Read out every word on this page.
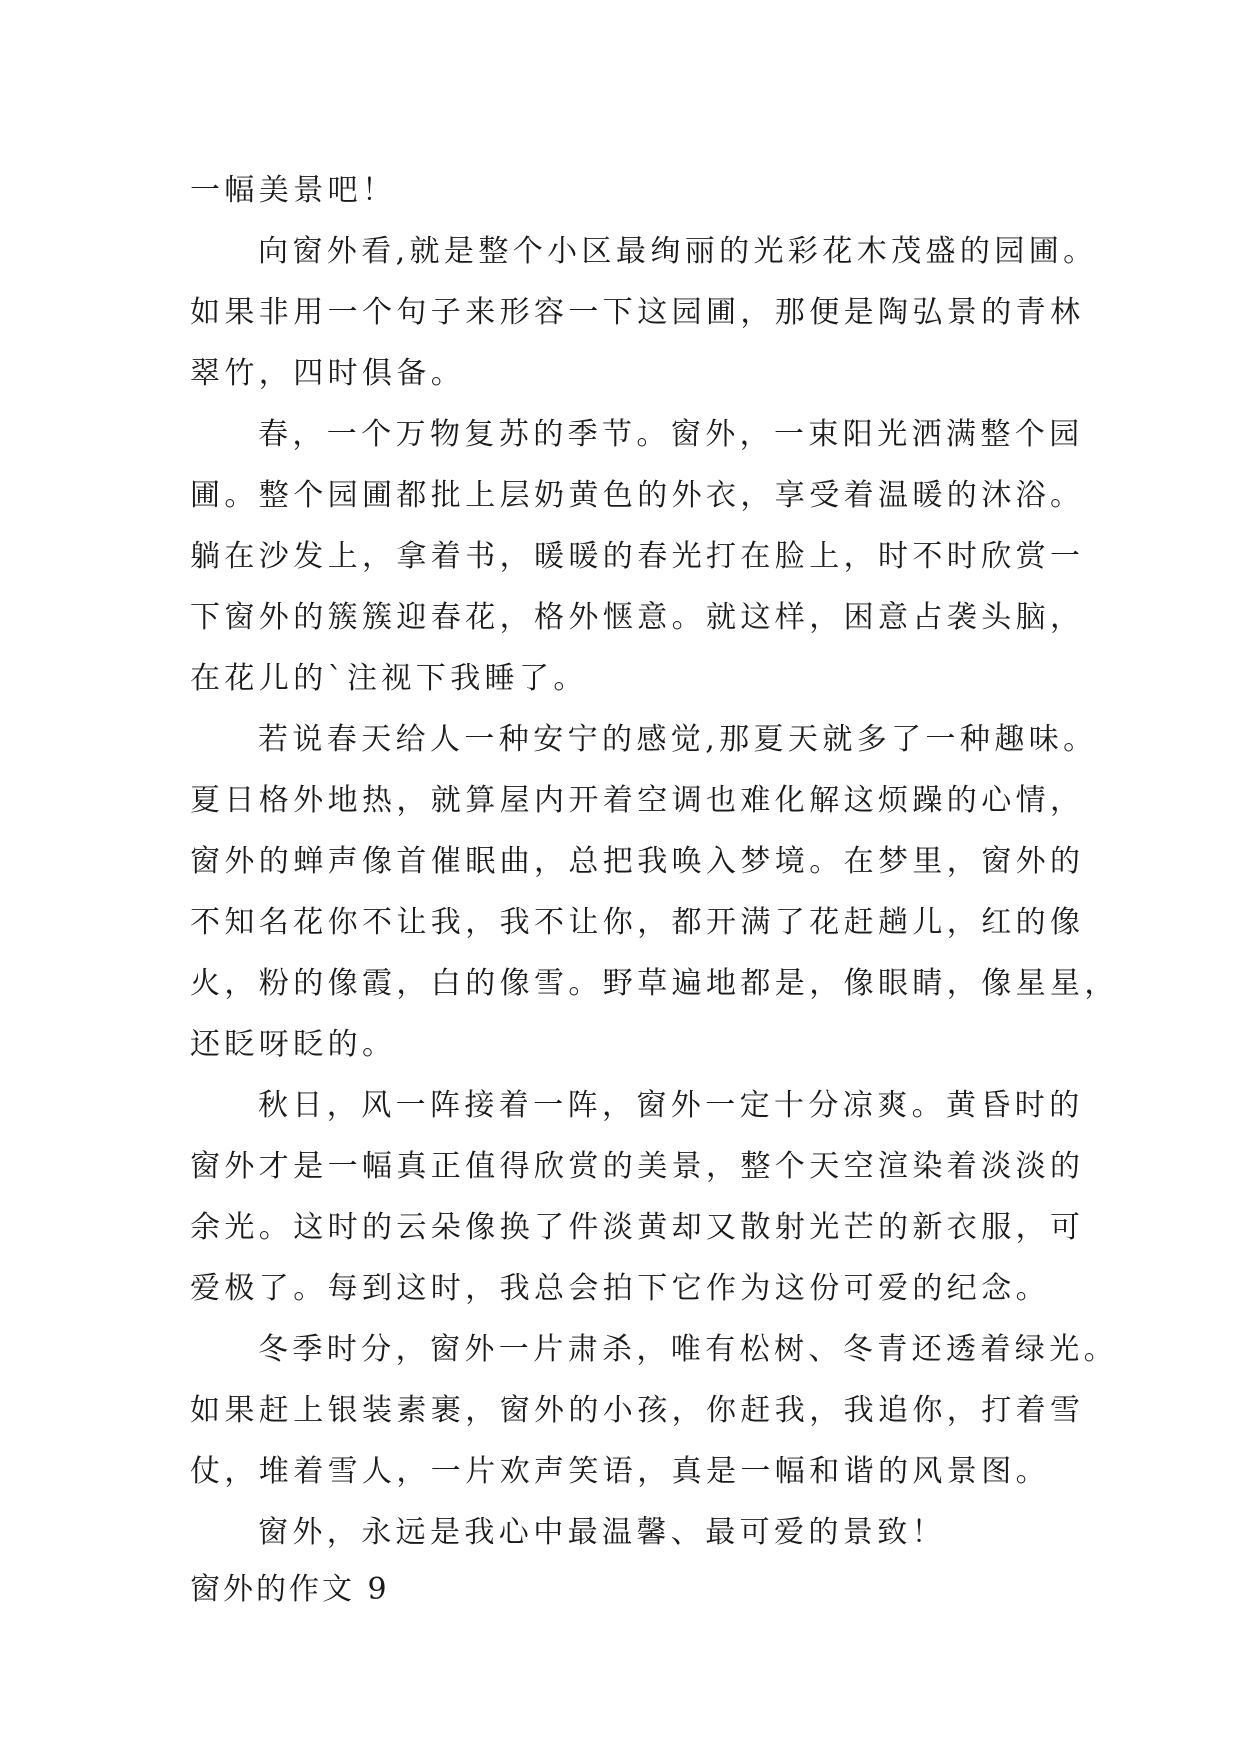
一幅美景吧！
向窗外看,就是整个小区最绚丽的光彩花木茂盛的园圃。
如果非用一个句子来形容一下这园圃，那便是陶弘景的青林
翠竹，四时俱备。
春，一个万物复苏的季节。窗外，一束阳光洒满整个园
圃。整个园圃都批上层奶黄色的外衣，享受着温暖的沐浴。
躺在沙发上，拿着书，暖暖的春光打在脸上，时不时欣赏一
下窗外的簇簇迎春花，格外惬意。就这样，困意占袭头脑，
在花儿的`注视下我睡了。
若说春天给人一种安宁的感觉,那夏天就多了一种趣味。
夏日格外地热，就算屋内开着空调也难化解这烦躁的心情，
窗外的蝉声像首催眠曲，总把我唤入梦境。在梦里，窗外的
不知名花你不让我，我不让你，都开满了花赶趟儿，红的像
火，粉的像霞，白的像雪。野草遍地都是，像眼睛，像星星，
还眨呀眨的。
秋日，风一阵接着一阵，窗外一定十分凉爽。黄昏时的
窗外才是一幅真正值得欣赏的美景，整个天空渲染着淡淡的
余光。这时的云朵像换了件淡黄却又散射光芒的新衣服，可
爱极了。每到这时，我总会拍下它作为这份可爱的纪念。
冬季时分，窗外一片肃杀，唯有松树、冬青还透着绿光。
如果赶上银装素裹，窗外的小孩，你赶我，我追你，打着雪
仗，堆着雪人，一片欢声笑语，真是一幅和谐的风景图。
窗外，永远是我心中最温馨、最可爱的景致！
窗外的作文 9
